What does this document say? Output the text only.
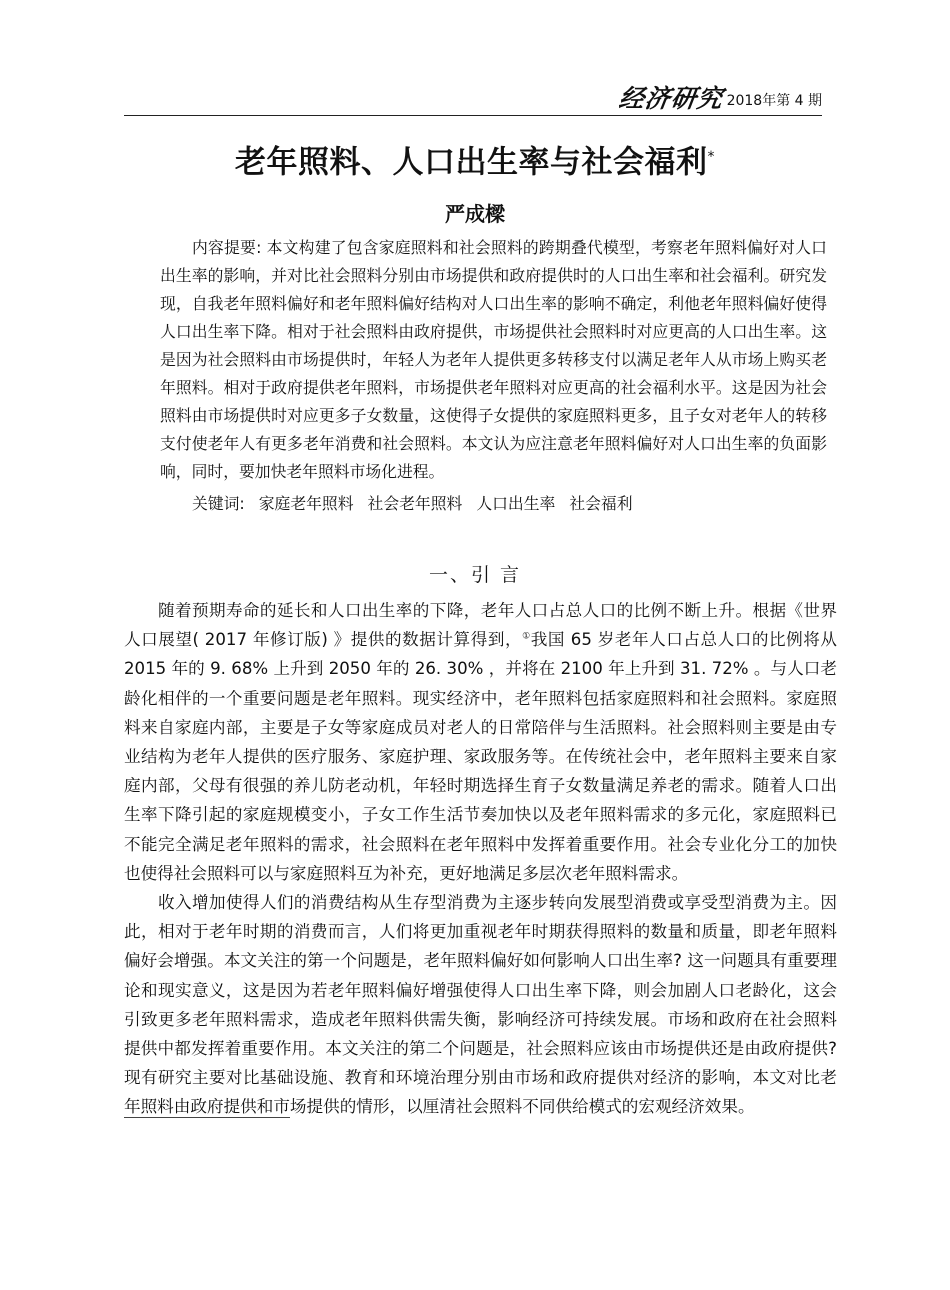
经济研究 2018年第 4 期
老年照料、人口出生率与社会福利*
严成樑

内容提要: 本文构建了包含家庭照料和社会照料的跨期叠代模型，考察老年照料偏好对人口出生率的影响，并对比社会照料分别由市场提供和政府提供时的人口出生率和社会福利。研究发现，自我老年照料偏好和老年照料偏好结构对人口出生率的影响不确定，利他老年照料偏好使得人口出生率下降。相对于社会照料由政府提供，市场提供社会照料时对应更高的人口出生率。这是因为社会照料由市场提供时，年轻人为老年人提供更多转移支付以满足老年人从市场上购买老年照料。相对于政府提供老年照料，市场提供老年照料对应更高的社会福利水平。这是因为社会照料由市场提供时对应更多子女数量，这使得子女提供的家庭照料更多，且子女对老年人的转移支付使老年人有更多老年消费和社会照料。本文认为应注意老年照料偏好对人口出生率的负面影响，同时，要加快老年照料市场化进程。

关键词: 家庭老年照料 社会老年照料 人口出生率 社会福利
一、引 言

随着预期寿命的延长和人口出生率的下降，老年人口占总人口的比例不断上升。根据《世界人口展望( 2017 年修订版) 》提供的数据计算得到，①我国 65 岁老年人口占总人口的比例将从 2015 年的 9. 68% 上升到 2050 年的 26. 30% ，并将在 2100 年上升到 31. 72% 。与人口老龄化相伴的一个重要问题是老年照料。现实经济中，老年照料包括家庭照料和社会照料。家庭照料来自家庭内部，主要是子女等家庭成员对老人的日常陪伴与生活照料。社会照料则主要是由专业结构为老年人提供的医疗服务、家庭护理、家政服务等。在传统社会中，老年照料主要来自家庭内部，父母有很强的养儿防老动机，年轻时期选择生育子女数量满足养老的需求。随着人口出生率下降引起的家庭规模变小，子女工作生活节奏加快以及老年照料需求的多元化，家庭照料已不能完全满足老年照料的需求，社会照料在老年照料中发挥着重要作用。社会专业化分工的加快也使得社会照料可以与家庭照料互为补充，更好地满足多层次老年照料需求。

收入增加使得人们的消费结构从生存型消费为主逐步转向发展型消费或享受型消费为主。因此，相对于老年时期的消费而言，人们将更加重视老年时期获得照料的数量和质量，即老年照料偏好会增强。本文关注的第一个问题是，老年照料偏好如何影响人口出生率? 这一问题具有重要理论和现实意义，这是因为若老年照料偏好增强使得人口出生率下降，则会加剧人口老龄化，这会引致更多老年照料需求，造成老年照料供需失衡，影响经济可持续发展。市场和政府在社会照料提供中都发挥着重要作用。本文关注的第二个问题是，社会照料应该由市场提供还是由政府提供? 现有研究主要对比基础设施、教育和环境治理分别由市场和政府提供对经济的影响，本文对比老年照料由政府提供和市场提供的情形，以厘清社会照料不同供给模式的宏观经济效果。
